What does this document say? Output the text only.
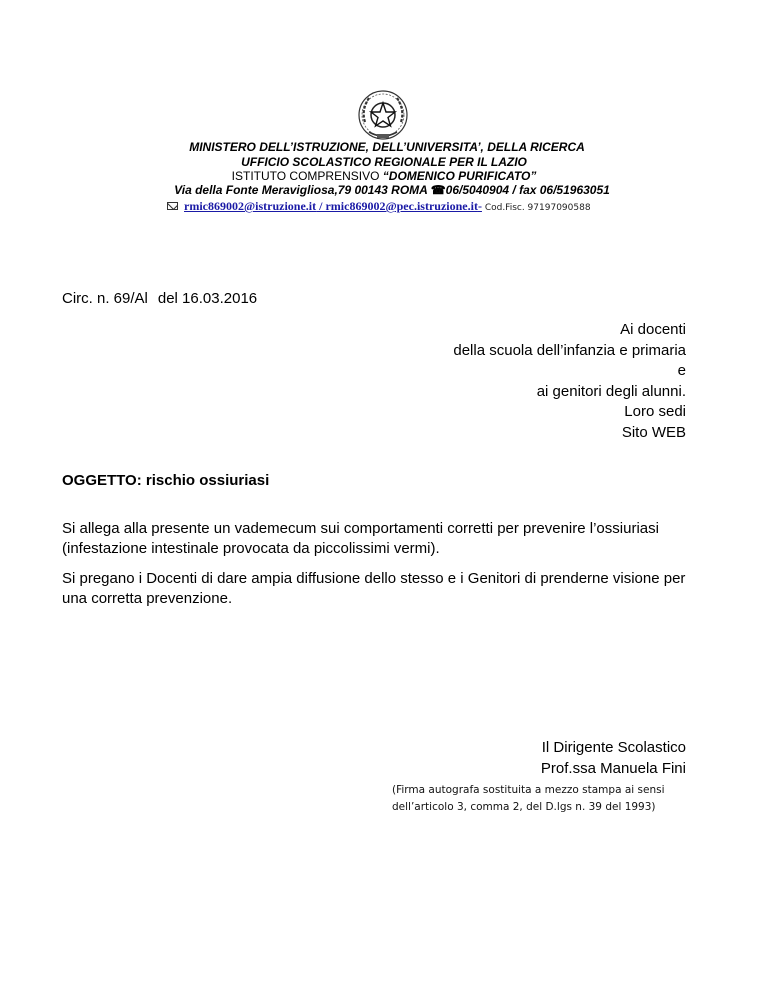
MINISTERO DELL’ISTRUZIONE, DELL’UNIVERSITA’, DELLA RICERCA
UFFICIO SCOLASTICO REGIONALE PER IL LAZIO
ISTITUTO COMPRENSIVO “DOMENICO PURIFICATO”
Via della Fonte Meravigliosa,79 00143 ROMA ☎06/5040904 / fax 06/51963051
rmic869002@istruzione.it / rmic869002@pec.istruzione.it- Cod.Fisc. 97197090588
Circ. n. 69/Al del 16.03.2016
Ai docenti
della scuola dell’infanzia e primaria
e
ai genitori degli alunni.
Loro sedi
Sito WEB
OGGETTO: rischio ossiuriasi
Si allega alla presente un vademecum sui comportamenti corretti per prevenire l’ossiuriasi (infestazione intestinale provocata da piccolissimi vermi).
Si pregano i Docenti di dare ampia diffusione dello stesso e i Genitori di prenderne visione per una corretta prevenzione.
Il Dirigente Scolastico
Prof.ssa Manuela Fini
(Firma autografa sostituita a mezzo stampa ai sensi
dell’articolo 3, comma 2, del D.lgs n. 39 del 1993)
